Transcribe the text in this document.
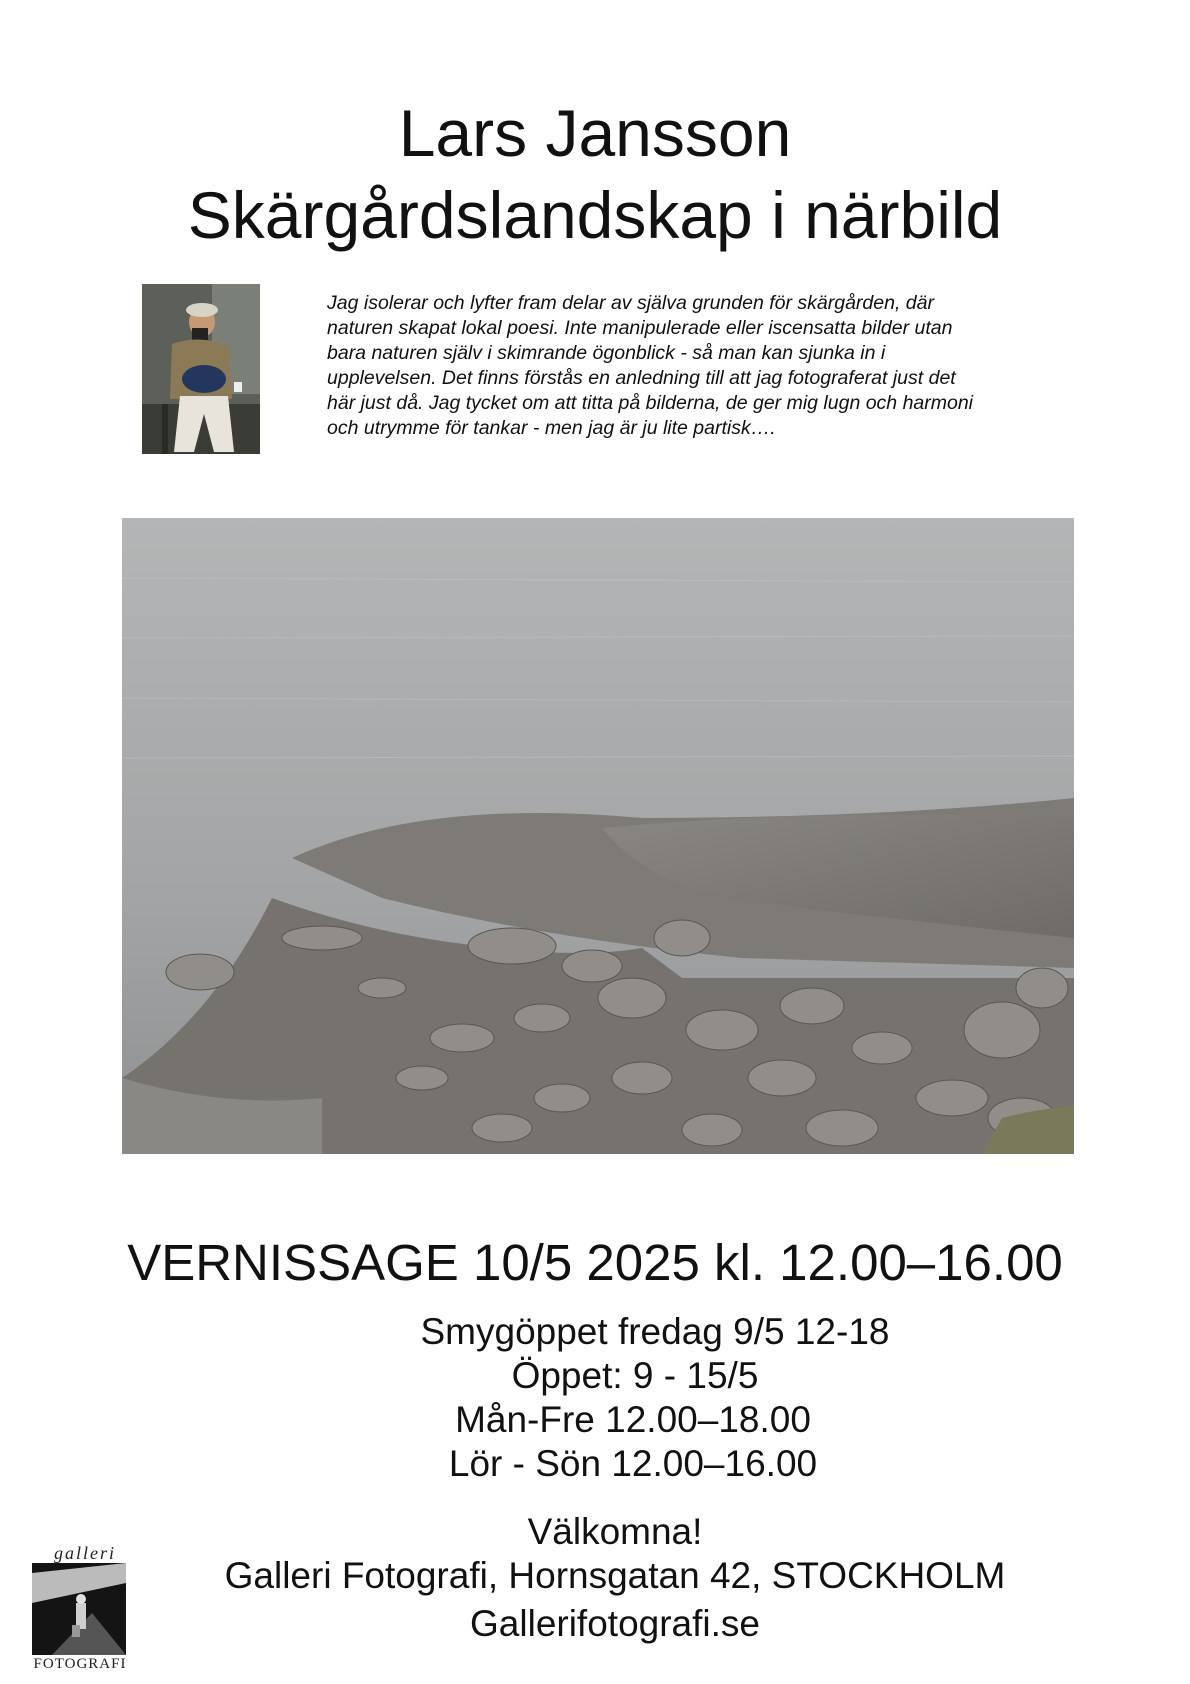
Lars Jansson
Skärgårdslandskap i närbild

Jag isolerar och lyfter fram delar av själva grunden för skärgården, där
naturen skapat lokal poesi. Inte manipulerade eller iscensatta bilder utan
bara naturen själv i skimrande ögonblick - så man kan sjunka in i
upplevelsen. Det finns förstås en anledning till att jag fotograferat just det
här just då. Jag tycket om att titta på bilderna, de ger mig lugn och harmoni
och utrymme för tankar - men jag är ju lite partisk….

VERNISSAGE 10/5 2025 kl. 12.00–16.00
Smygöppet fredag 9/5 12-18
Öppet: 9 - 15/5
Mån-Fre 12.00–18.00
Lör - Sön 12.00–16.00
Välkomna!
Galleri Fotografi, Hornsgatan 42, STOCKHOLM
Gallerifotografi.se
galleri
FOTOGRAFI
